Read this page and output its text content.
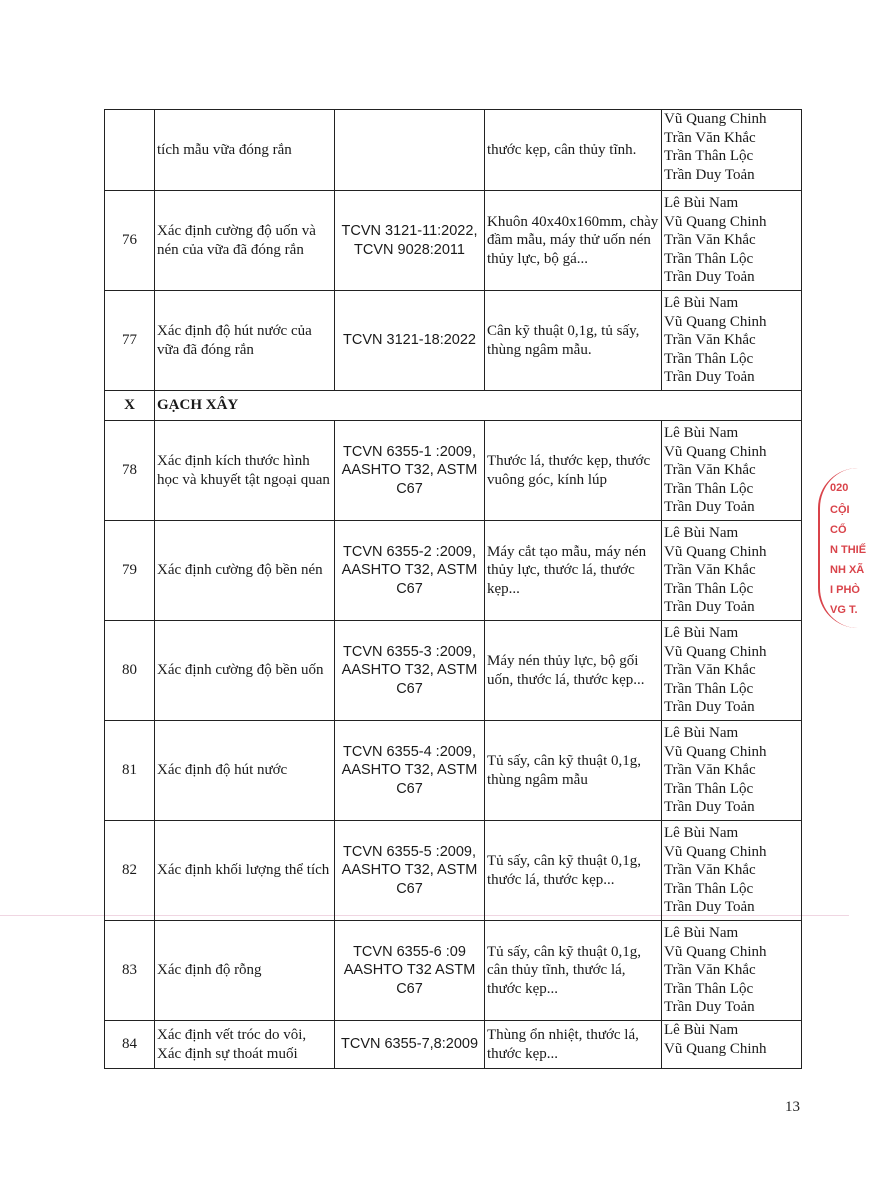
	tích mẫu vữa đóng rắn		thước kẹp, cân thủy tĩnh.	Vũ Quang Chinh
Trần Văn Khắc
Trần Thân Lộc
Trần Duy Toản

76	Xác định cường độ uốn và nén của vữa đã đóng rắn	TCVN 3121-11:2022, TCVN 9028:2011	Khuôn 40x40x160mm, chày đầm mẫu, máy thử uốn nén thủy lực, bộ gá...	Lê Bùi Nam
Vũ Quang Chinh
Trần Văn Khắc
Trần Thân Lộc
Trần Duy Toản

77	Xác định độ hút nước của vữa đã đóng rắn	TCVN 3121-18:2022	Cân kỹ thuật 0,1g, tủ sấy, thùng ngâm mẫu.	Lê Bùi Nam
Vũ Quang Chinh
Trần Văn Khắc
Trần Thân Lộc
Trần Duy Toản

X	GẠCH XÂY			
78	Xác định kích thước hình học và khuyết tật ngoại quan	TCVN 6355-1 :2009, AASHTO T32, ASTM C67	Thước lá, thước kẹp, thước vuông góc, kính lúp	Lê Bùi Nam
Vũ Quang Chinh
Trần Văn Khắc
Trần Thân Lộc
Trần Duy Toản

79	Xác định cường độ bền nén	TCVN 6355-2 :2009, AASHTO T32, ASTM C67	Máy cắt tạo mẫu, máy nén thủy lực, thước lá, thước kẹp...	Lê Bùi Nam
Vũ Quang Chinh
Trần Văn Khắc
Trần Thân Lộc
Trần Duy Toản

80	Xác định cường độ bền uốn	TCVN 6355-3 :2009, AASHTO T32, ASTM C67	Máy nén thủy lực, bộ gối uốn, thước lá, thước kẹp...	Lê Bùi Nam
Vũ Quang Chinh
Trần Văn Khắc
Trần Thân Lộc
Trần Duy Toản

81	Xác định độ hút nước	TCVN 6355-4 :2009, AASHTO T32, ASTM C67	Tủ sấy, cân kỹ thuật 0,1g, thùng ngâm mẫu	Lê Bùi Nam
Vũ Quang Chinh
Trần Văn Khắc
Trần Thân Lộc
Trần Duy Toản

82	Xác định khối lượng thể tích	TCVN 6355-5 :2009, AASHTO T32, ASTM C67	Tủ sấy, cân kỹ thuật 0,1g, thước lá, thước kẹp...	Lê Bùi Nam
Vũ Quang Chinh
Trần Văn Khắc
Trần Thân Lộc
Trần Duy Toản

83	Xác định độ rỗng	TCVN 6355-6 :09 AASHTO T32 ASTM C67	Tủ sấy, cân kỹ thuật 0,1g, cân thủy tĩnh, thước lá, thước kẹp...	Lê Bùi Nam
Vũ Quang Chinh
Trần Văn Khắc
Trần Thân Lộc
Trần Duy Toản

84	Xác định vết tróc do vôi, Xác định sự thoát muối	TCVN 6355-7,8:2009	Thùng ổn nhiệt, thước lá, thước kẹp...	Lê Bùi Nam
Vũ Quang Chinh
020
CỘI
CỔ
N THIẾ
NH XÃ
I PHÒ
VG T.
13
